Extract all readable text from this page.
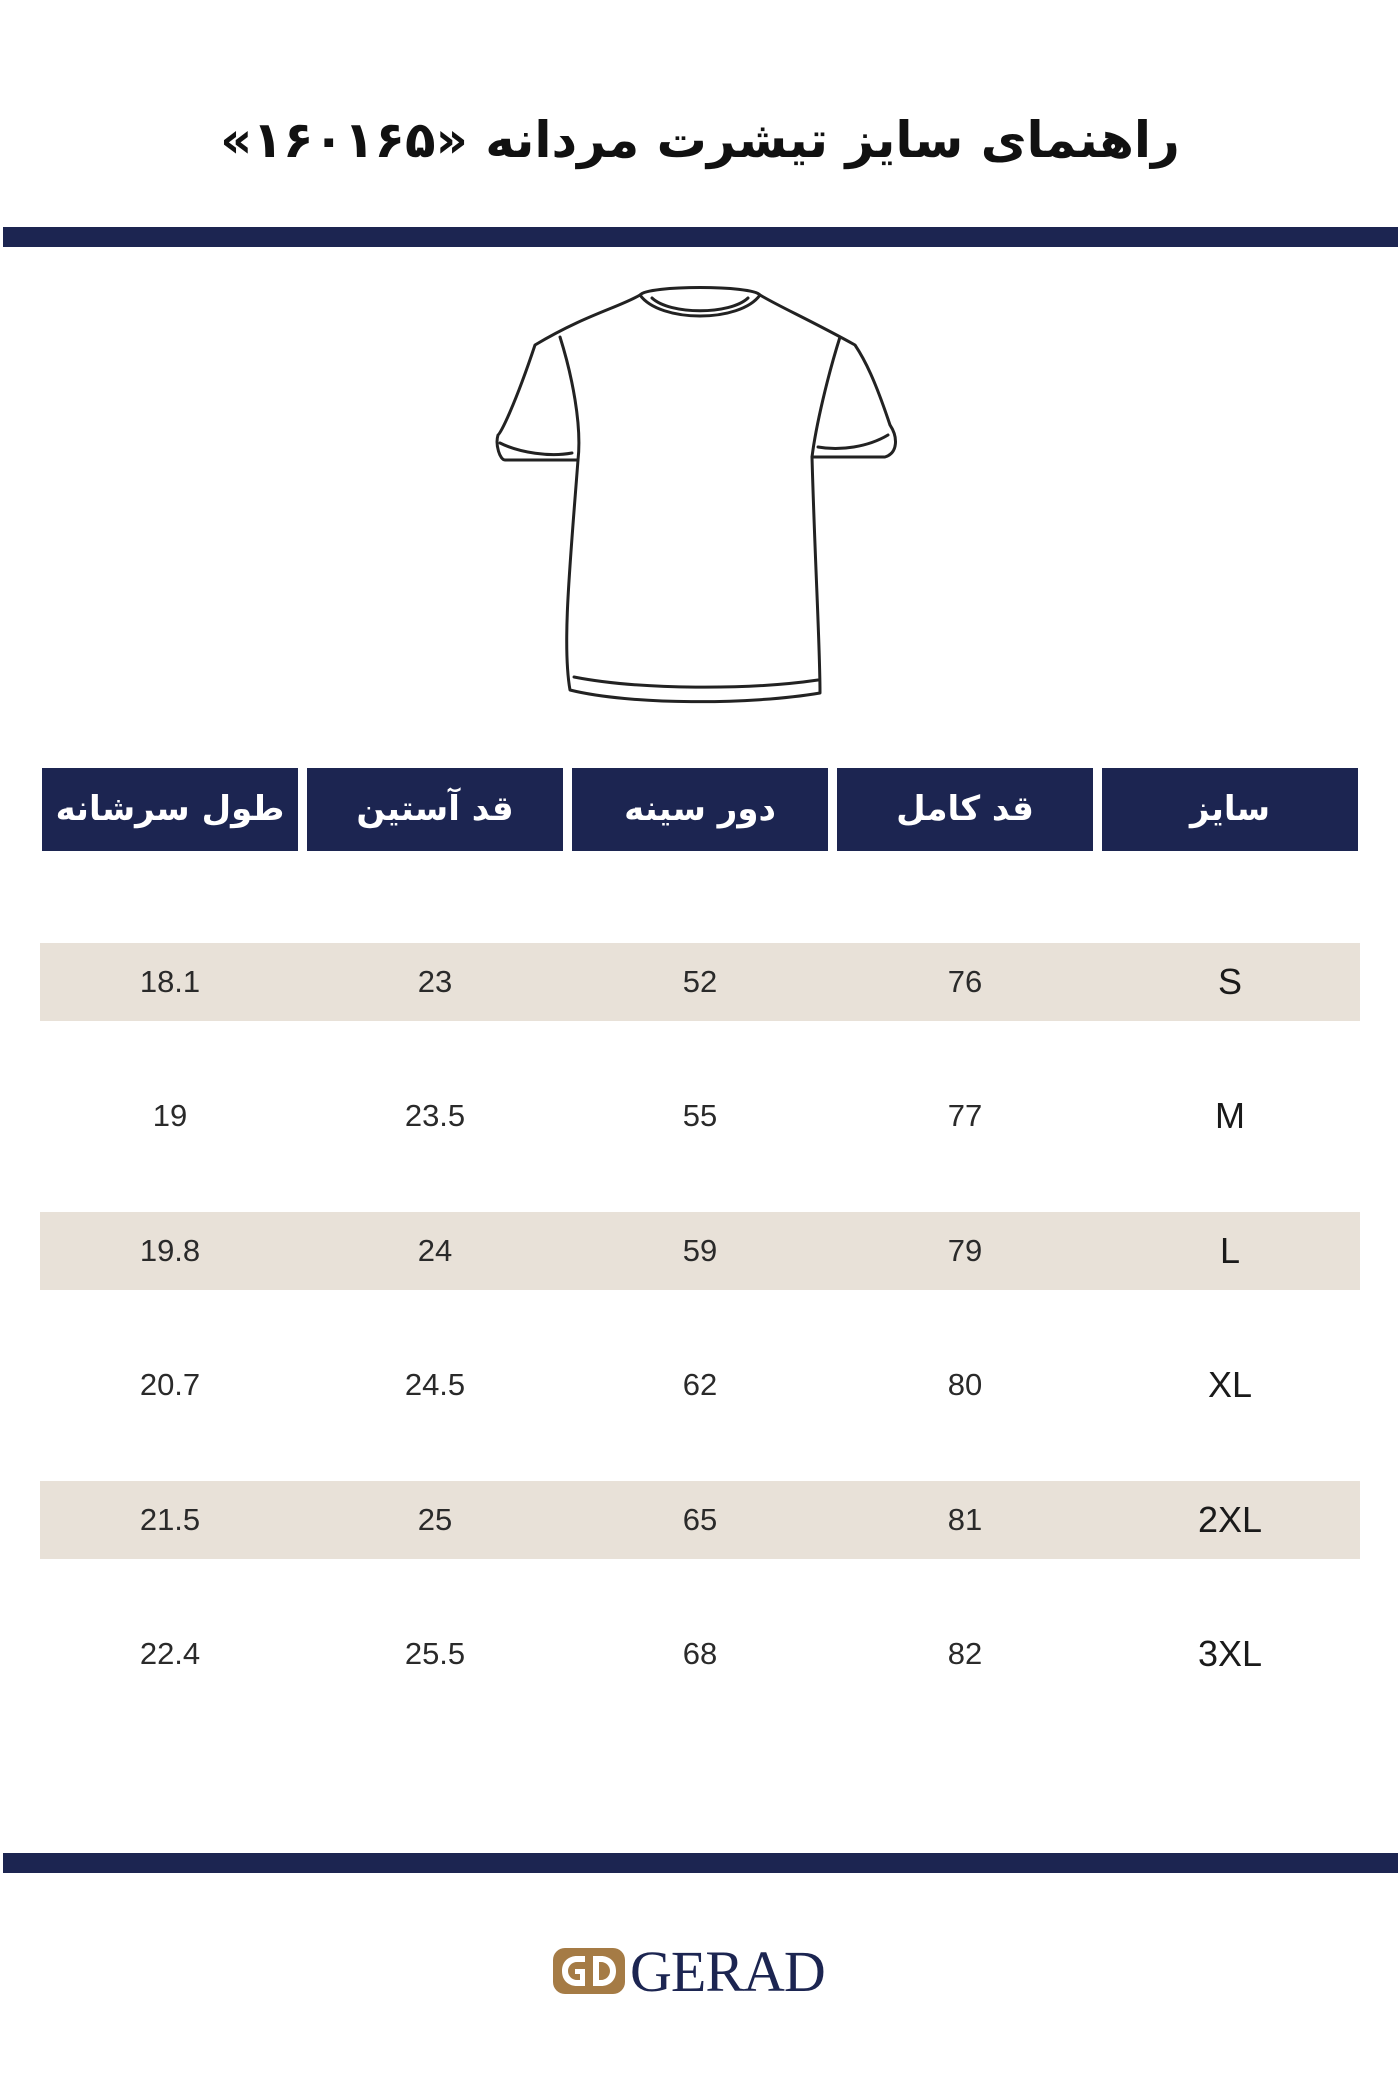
راهنمای سایز تیشرت مردانه «۱۶۰۱۶۵»
سایز
قد کامل
دور سینه
قد آستین
طول سرشانه
S
76
52
23
18.1
M
77
55
23.5
19
L
79
59
24
19.8
XL
80
62
24.5
20.7
2XL
81
65
25
21.5
3XL
82
68
25.5
22.4
GERAD
